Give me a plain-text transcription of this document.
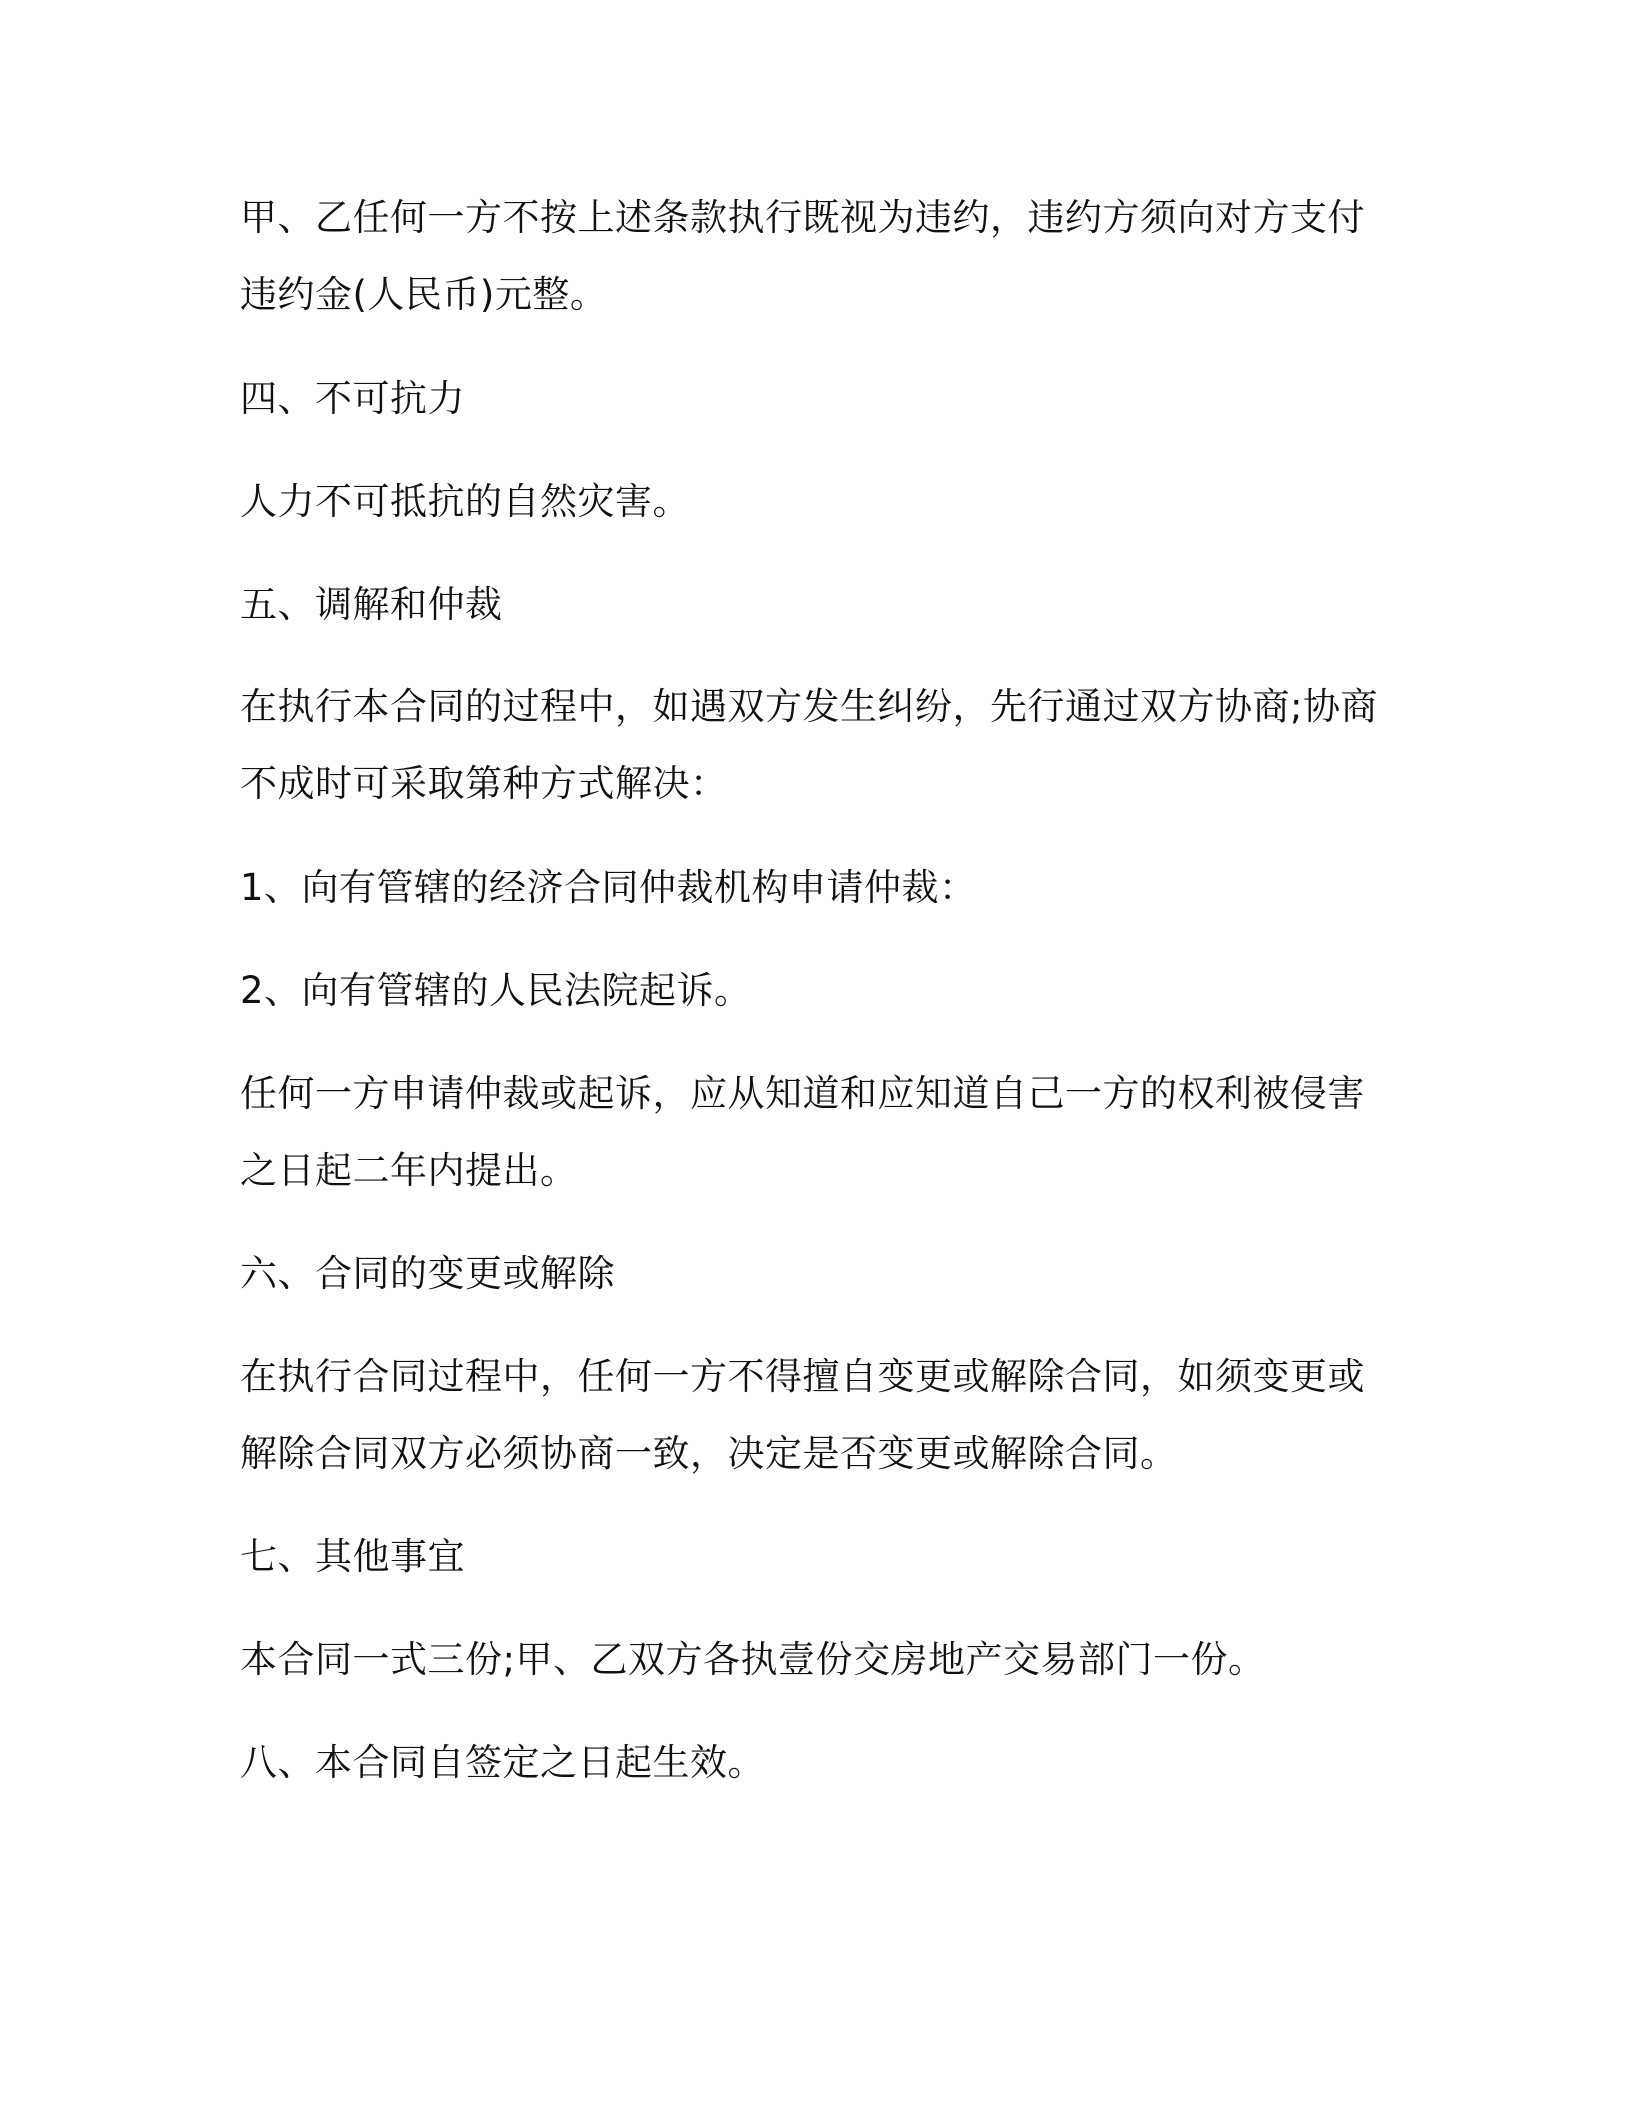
甲、乙任何一方不按上述条款执行既视为违约，违约方须向对方支付

违约金(人民币)元整。

四、不可抗力

人力不可抵抗的自然灾害。

五、调解和仲裁

在执行本合同的过程中，如遇双方发生纠纷，先行通过双方协商;协商

不成时可采取第种方式解决：

1、向有管辖的经济合同仲裁机构申请仲裁：

2、向有管辖的人民法院起诉。

任何一方申请仲裁或起诉，应从知道和应知道自己一方的权利被侵害

之日起二年内提出。

六、合同的变更或解除

在执行合同过程中，任何一方不得擅自变更或解除合同，如须变更或

解除合同双方必须协商一致，决定是否变更或解除合同。

七、其他事宜

本合同一式三份;甲、乙双方各执壹份交房地产交易部门一份。

八、本合同自签定之日起生效。
